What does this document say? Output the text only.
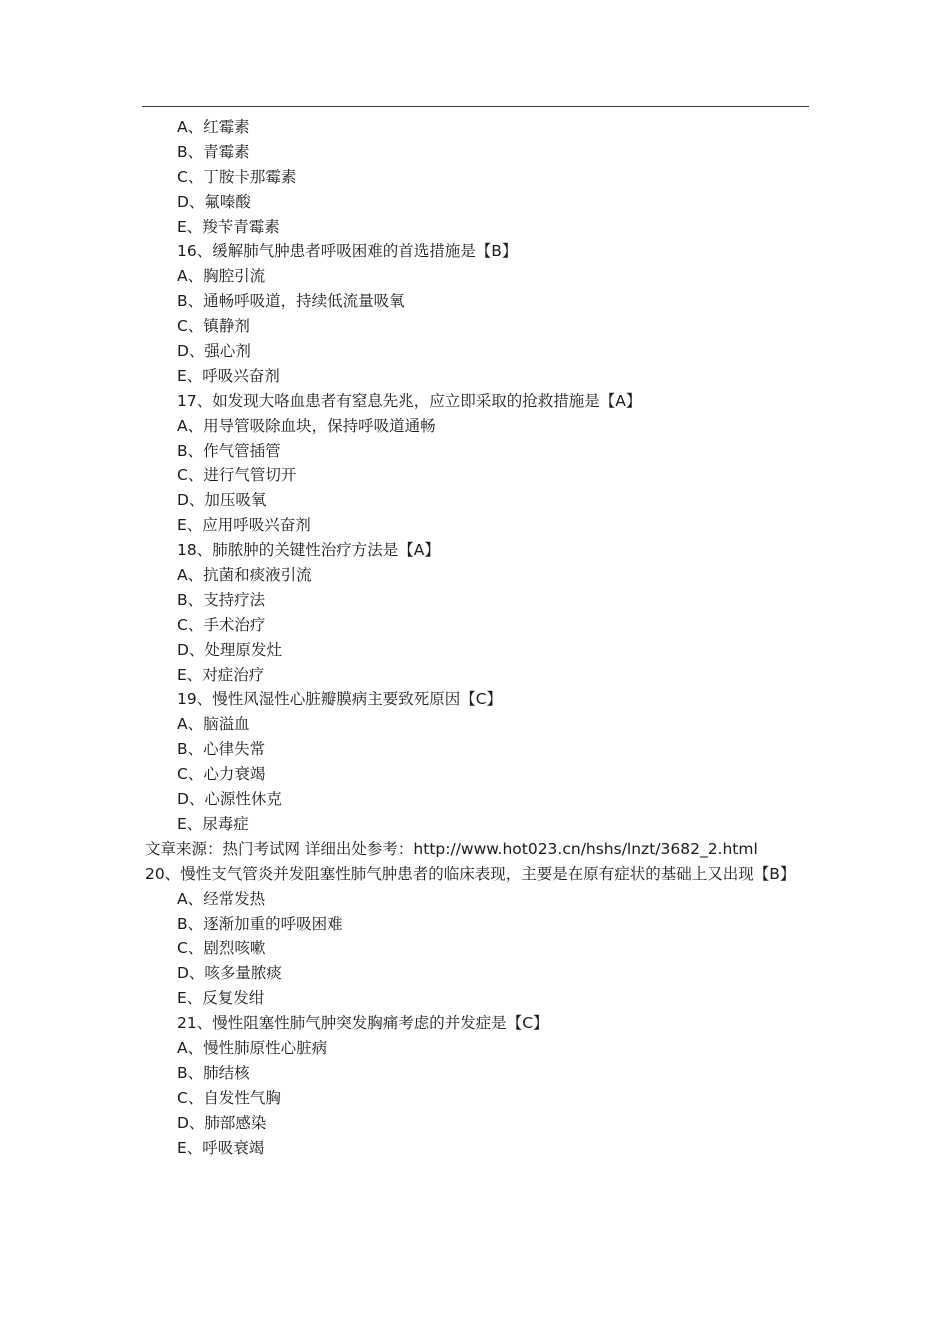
A、红霉素
B、青霉素
C、丁胺卡那霉素
D、氟嗪酸
E、羧苄青霉素
16、缓解肺气肿患者呼吸困难的首选措施是【B】
A、胸腔引流
B、通畅呼吸道，持续低流量吸氧
C、镇静剂
D、强心剂
E、呼吸兴奋剂
17、如发现大咯血患者有窒息先兆，应立即采取的抢救措施是【A】
A、用导管吸除血块，保持呼吸道通畅
B、作气管插管
C、进行气管切开
D、加压吸氧
E、应用呼吸兴奋剂
18、肺脓肿的关键性治疗方法是【A】
A、抗菌和痰液引流
B、支持疗法
C、手术治疗
D、处理原发灶
E、对症治疗
19、慢性风湿性心脏瓣膜病主要致死原因【C】
A、脑溢血
B、心律失常
C、心力衰竭
D、心源性休克
E、尿毒症
文章来源：热门考试网 详细出处参考：http://www.hot023.cn/hshs/lnzt/3682_2.html
20、慢性支气管炎并发阻塞性肺气肿患者的临床表现，主要是在原有症状的基础上又出现【B】
A、经常发热
B、逐渐加重的呼吸困难
C、剧烈咳嗽
D、咳多量脓痰
E、反复发绀
21、慢性阻塞性肺气肿突发胸痛考虑的并发症是【C】
A、慢性肺原性心脏病
B、肺结核
C、自发性气胸
D、肺部感染
E、呼吸衰竭
